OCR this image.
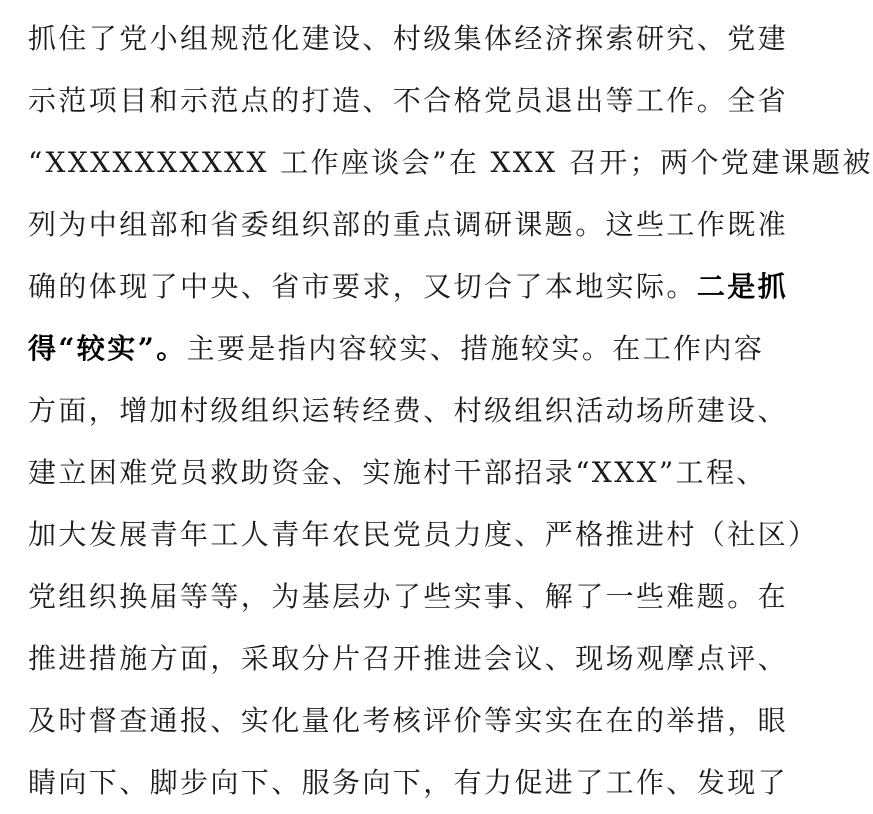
抓住了党小组规范化建设、村级集体经济探索研究、党建
示范项目和示范点的打造、不合格党员退出等工作。全省
“XXXXXXXXXX 工作座谈会”在 XXX 召开；两个党建课题被
列为中组部和省委组织部的重点调研课题。这些工作既准
确的体现了中央、省市要求，又切合了本地实际。二是抓
得“较实”。主要是指内容较实、措施较实。在工作内容
方面，增加村级组织运转经费、村级组织活动场所建设、
建立困难党员救助资金、实施村干部招录“XXX”工程、
加大发展青年工人青年农民党员力度、严格推进村（社区）
党组织换届等等，为基层办了些实事、解了一些难题。在
推进措施方面，采取分片召开推进会议、现场观摩点评、
及时督查通报、实化量化考核评价等实实在在的举措，眼
睛向下、脚步向下、服务向下，有力促进了工作、发现了
